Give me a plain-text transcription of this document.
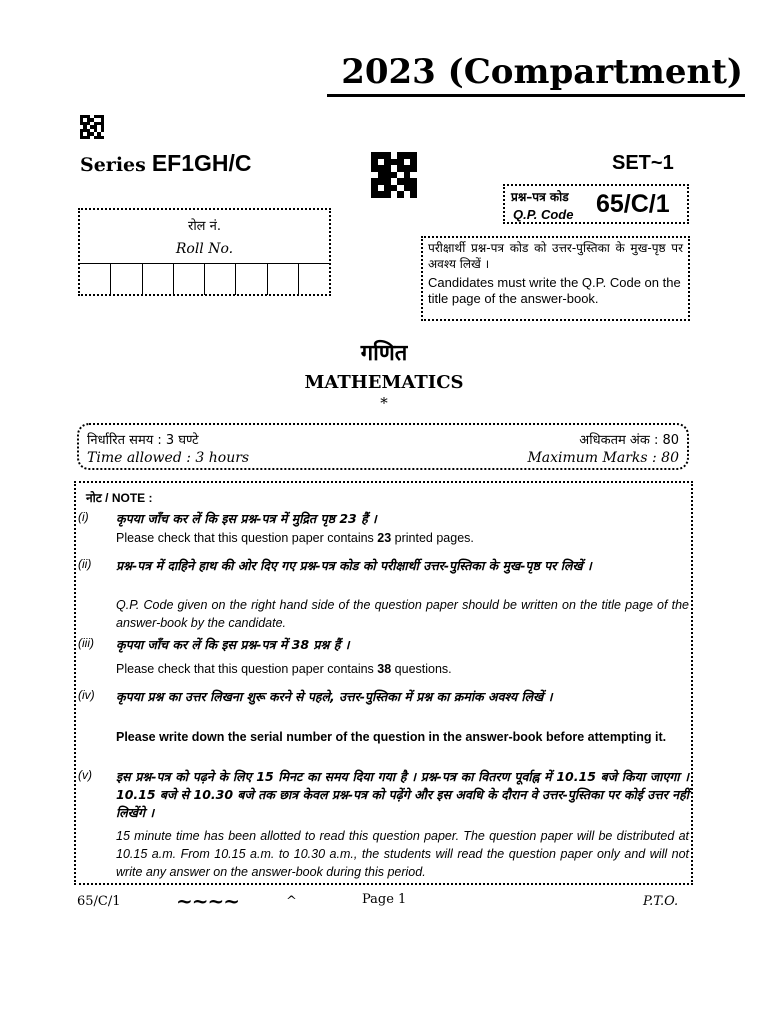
2023 (Compartment)
Series EF1GH/C	SET~1
प्रश्न–पत्र कोड
Q.P. Code 65/C/1
रोल नं.
Roll No.	परीक्षार्थी प्रश्न-पत्र कोड को उत्तर-पुस्तिका के मुख-पृष्ठ पर अवश्य लिखें ।
Candidates must write the Q.P. Code on the title page of the answer-book.
गणित
MATHEMATICS
*
निर्धारित समय : 3 घण्टे	अधिकतम अंक : 80
Time allowed : 3 hours	Maximum Marks : 80
नोट / NOTE :
(i) कृपया जाँच कर लें कि इस प्रश्न-पत्र में मुद्रित पृष्ठ 23 हैं ।
Please check that this question paper contains 23 printed pages.
(ii) प्रश्न-पत्र में दाहिने हाथ की ओर दिए गए प्रश्न-पत्र कोड को परीक्षार्थी उत्तर-पुस्तिका के मुख-पृष्ठ पर लिखें ।
Q.P. Code given on the right hand side of the question paper should be written on the title page of the answer-book by the candidate.
(iii) कृपया जाँच कर लें कि इस प्रश्न-पत्र में 38 प्रश्न हैं ।
Please check that this question paper contains 38 questions.
(iv) कृपया प्रश्न का उत्तर लिखना शुरू करने से पहले, उत्तर-पुस्तिका में प्रश्न का क्रमांक अवश्य लिखें ।
Please write down the serial number of the question in the answer-book before attempting it.
(v) इस प्रश्न-पत्र को पढ़ने के लिए 15 मिनट का समय दिया गया है । प्रश्न-पत्र का वितरण पूर्वाह्न में 10.15 बजे किया जाएगा । 10.15 बजे से 10.30 बजे तक छात्र केवल प्रश्न-पत्र को पढ़ेंगे और इस अवधि के दौरान वे उत्तर-पुस्तिका पर कोई उत्तर नहीं लिखेंगे ।
15 minute time has been allotted to read this question paper. The question paper will be distributed at 10.15 a.m. From 10.15 a.m. to 10.30 a.m., the students will read the question paper only and will not write any answer on the answer-book during this period.
65/C/1	~~~~	^	Page 1	P.T.O.
